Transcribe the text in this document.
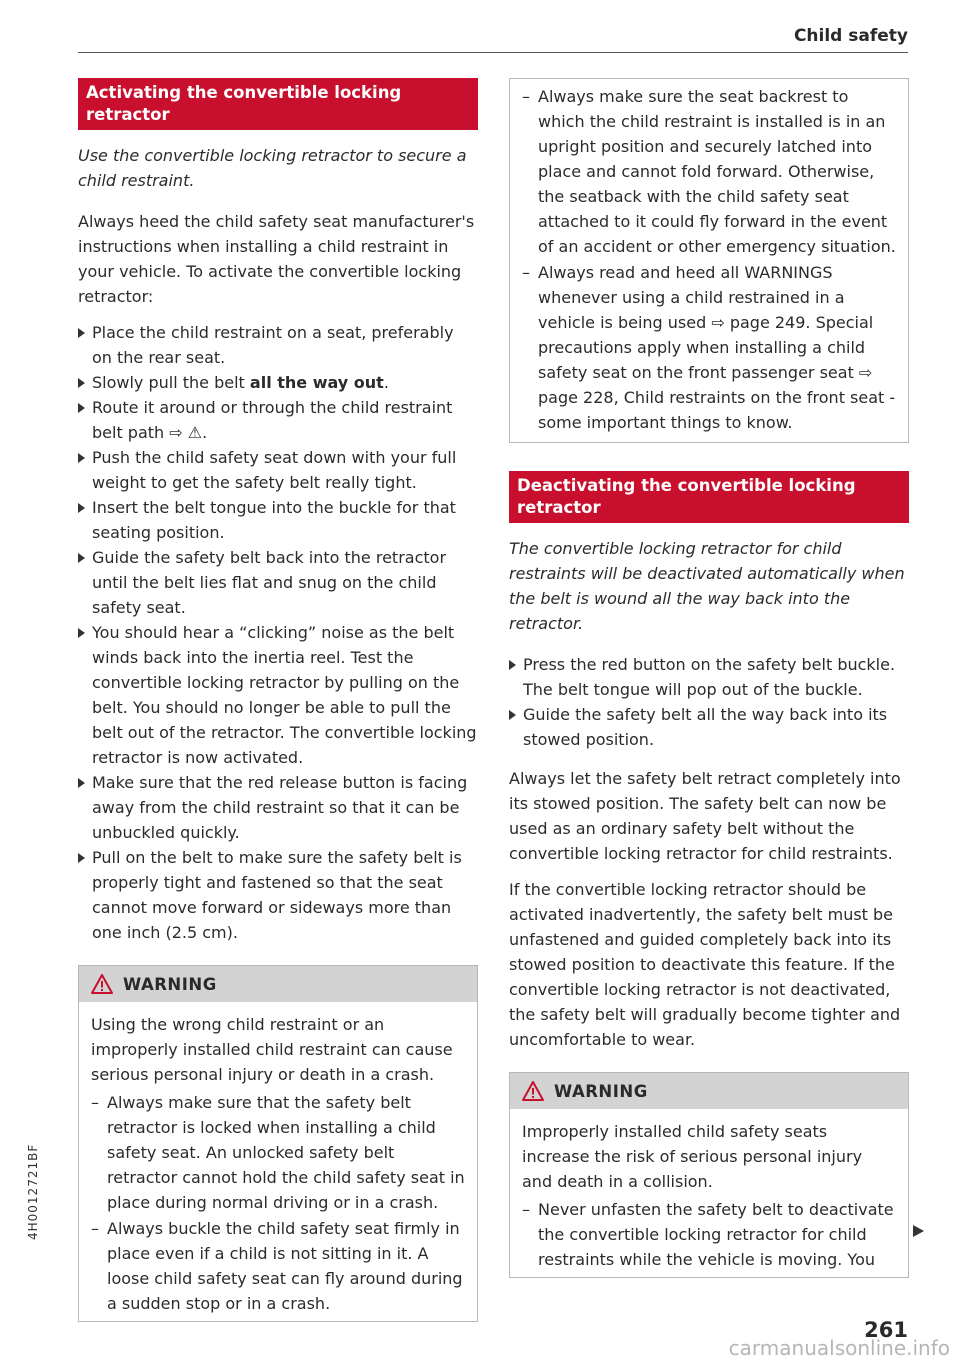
Child safety
Activating the convertible locking retractor

Use the convertible locking retractor to secure a child restraint.

Always heed the child safety seat manufacturer's instructions when installing a child restraint in your vehicle. To activate the convertible locking retractor:

Place the child restraint on a seat, preferably on the rear seat.
Slowly pull the belt all the way out.
Route it around or through the child restraint belt path ⇨ ⚠.
Push the child safety seat down with your full weight to get the safety belt really tight.
Insert the belt tongue into the buckle for that seating position.
Guide the safety belt back into the retractor until the belt lies flat and snug on the child safety seat.
You should hear a “clicking” noise as the belt winds back into the inertia reel. Test the convertible locking retractor by pulling on the belt. You should no longer be able to pull the belt out of the retractor. The convertible locking retractor is now activated.
Make sure that the red release button is facing away from the child restraint so that it can be unbuckled quickly.
Pull on the belt to make sure the safety belt is properly tight and fastened so that the seat cannot move forward or sideways more than one inch (2.5 cm).
WARNING

Using the wrong child restraint or an improperly installed child restraint can cause serious personal injury or death in a crash.

– Always make sure that the safety belt retractor is locked when installing a child safety seat. An unlocked safety belt retractor cannot hold the child safety seat in place during normal driving or in a crash.
– Always buckle the child safety seat firmly in place even if a child is not sitting in it. A loose child safety seat can fly around during a sudden stop or in a crash.
– Always make sure the seat backrest to which the child restraint is installed is in an upright position and securely latched into place and cannot fold forward. Otherwise, the seatback with the child safety seat attached to it could fly forward in the event of an accident or other emergency situation.
– Always read and heed all WARNINGS whenever using a child restrained in a vehicle is being used ⇨ page 249. Special precautions apply when installing a child safety seat on the front passenger seat ⇨ page 228, Child restraints on the front seat - some important things to know.
Deactivating the convertible locking retractor

The convertible locking retractor for child restraints will be deactivated automatically when the belt is wound all the way back into the retractor.

Press the red button on the safety belt buckle. The belt tongue will pop out of the buckle.
Guide the safety belt all the way back into its stowed position.

Always let the safety belt retract completely into its stowed position. The safety belt can now be used as an ordinary safety belt without the convertible locking retractor for child restraints.

If the convertible locking retractor should be activated inadvertently, the safety belt must be unfastened and guided completely back into its stowed position to deactivate this feature. If the convertible locking retractor is not deactivated, the safety belt will gradually become tighter and uncomfortable to wear.

WARNING

Improperly installed child safety seats increase the risk of serious personal injury and death in a collision.

– Never unfasten the safety belt to deactivate the convertible locking retractor for child restraints while the vehicle is moving. You
261
4H0012721BF
carmanualsonline.info
